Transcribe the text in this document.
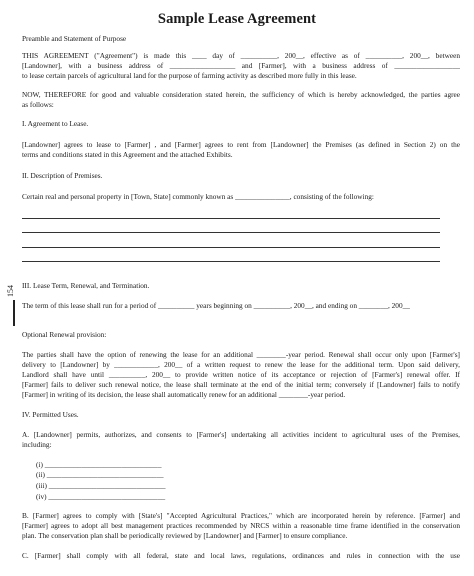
Sample Lease Agreement
154
Preamble and Statement of Purpose
THIS AGREEMENT ("Agreement") is made this ____ day of __________, 200__, effective as of __________, 200__, between
[Landowner], with a business address of __________________ and [Farmer], with a business address of __________________
to lease certain parcels of agricultural land for the purpose of farming activity as described more fully in this lease.
NOW, THEREFORE for good and valuable consideration stated herein, the sufficiency of which is hereby acknowledged, the parties agree
as follows:
I. Agreement to Lease.
[Landowner] agrees to lease to [Farmer] , and [Farmer] agrees to rent from [Landowner] the Premises (as defined in Section 2) on the
terms and conditions stated in this Agreement and the attached Exhibits.
II. Description of Premises.
Certain real and personal property in [Town, State] commonly known as _______________, consisting of the following:
III. Lease Term, Renewal, and Termination.
The term of this lease shall run for a period of __________ years beginning on __________, 200__, and ending on ________, 200__
Optional Renewal provision:
The parties shall have the option of renewing the lease for an additional ________-year period. Renewal shall occur only upon [Farmer's]
delivery to [Landowner] by ____________, 200__ of a written request to renew the lease for the additional term. Upon said delivery,
Landlord shall have until __________, 200__ to provide written notice of its acceptance or rejection of [Farmer's] renewal offer. If
[Farmer] fails to deliver such renewal notice, the lease shall terminate at the end of the initial term; conversely if [Landowner] fails to notify
[Farmer] in writing of its decision, the lease shall automatically renew for an additional ________-year period.
IV. Permitted Uses.
A. [Landowner] permits, authorizes, and consents to [Farmer's] undertaking all activities incident to agricultural uses of the Premises,
including:
(i) ________________________________
(ii) ________________________________
(iii) ________________________________
(iv) ________________________________
B. [Farmer] agrees to comply with [State's] "Accepted Agricultural Practices," which are incorporated herein by reference. [Farmer] and
[Farmer] agrees to adopt all best management practices recommended by NRCS within a reasonable time frame identified in the conservation
plan. The conservation plan shall be periodically reviewed by [Landowner] and [Farmer] to ensure compliance.
C. [Farmer] shall comply with all federal, state and local laws, regulations, ordinances and rules in connection with the use
